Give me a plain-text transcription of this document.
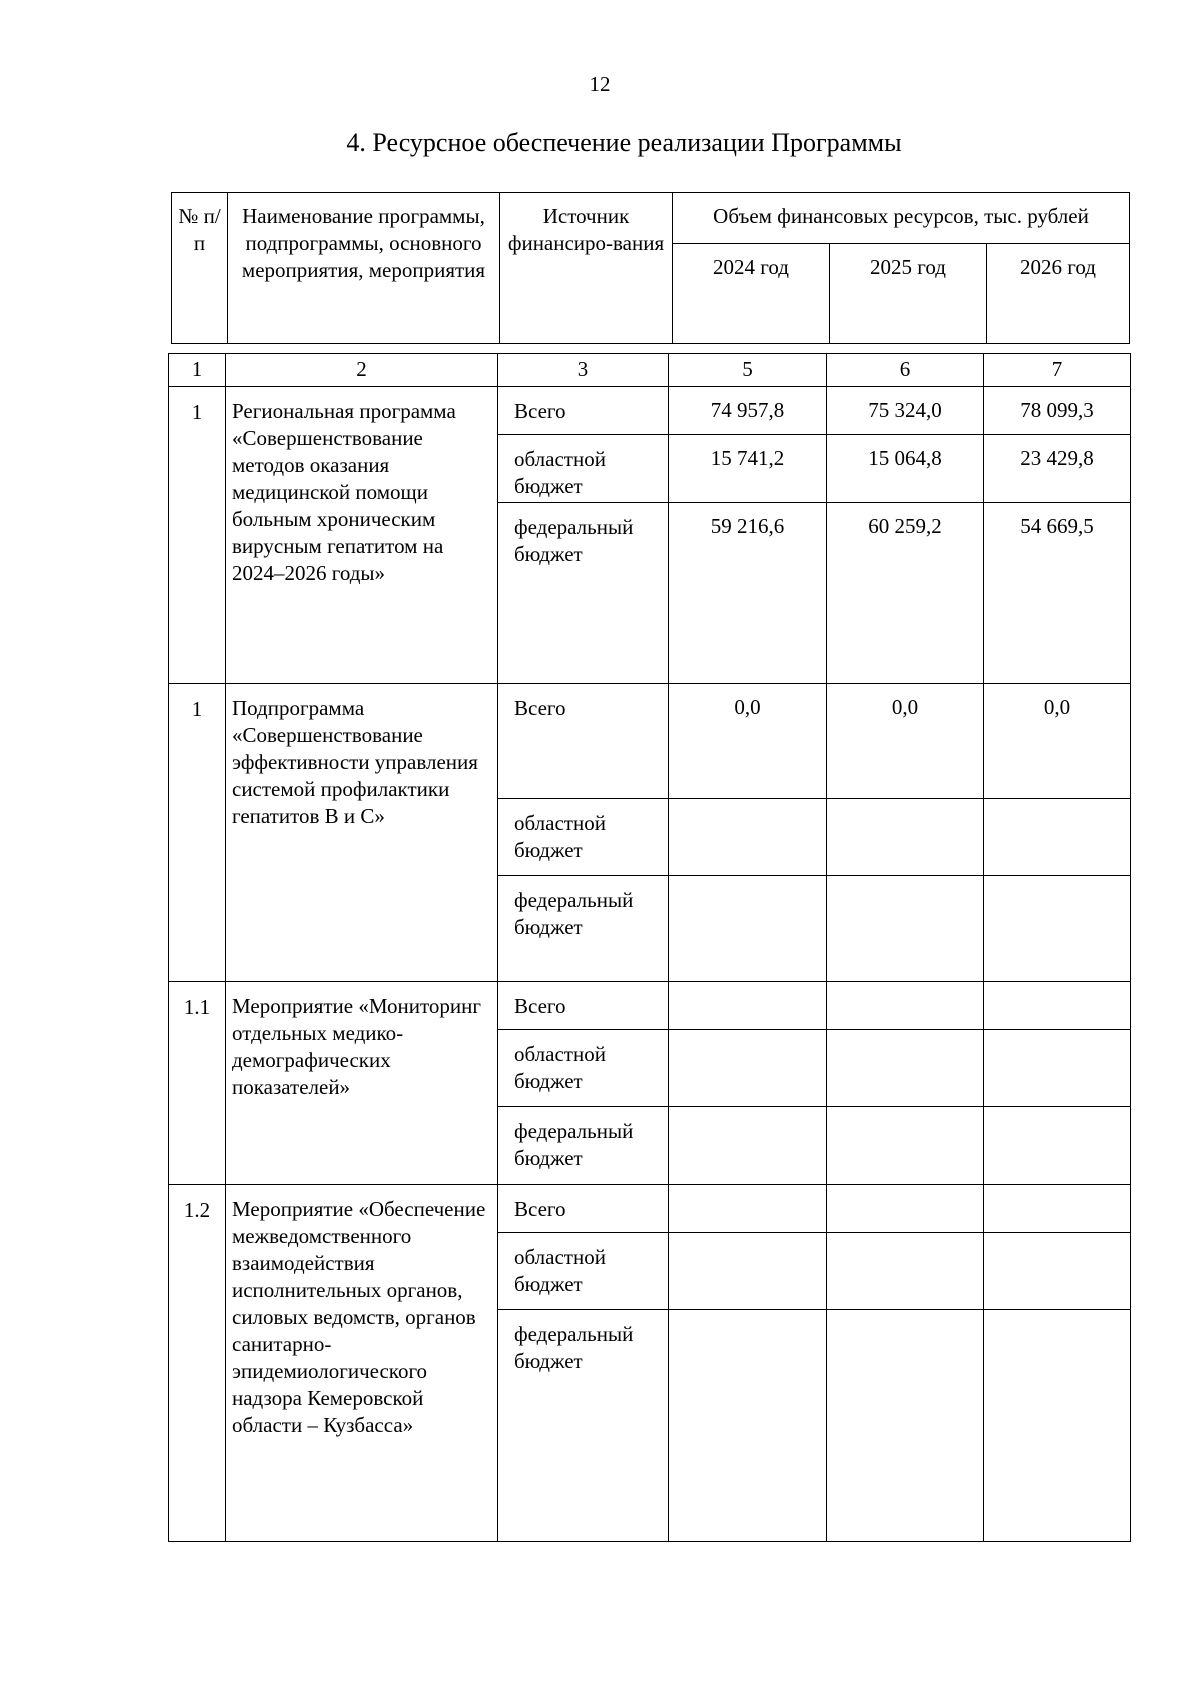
12
4. Ресурсное обеспечение реализации Программы
№ п/п	Наименование программы, подпрограммы, основного мероприятия, мероприятия	Источник финансиро-вания	Объем финансовых ресурсов, тыс. рублей		
			2024 год	2025 год	2026 год
1	2	3	5	6	7
1	Региональная программа «Совершенствование методов оказания медицинской помощи больным хроническим вирусным гепатитом на 2024–2026 годы»	Всего	74 957,8	75 324,0	78 099,3
		областной бюджет	15 741,2	15 064,8	23 429,8
		федеральный бюджет	59 216,6	60 259,2	54 669,5
1	Подпрограмма «Совершенствование эффективности управления системой профилактики гепатитов В и С»	Всего	0,0	0,0	0,0
		областной бюджет			
		федеральный бюджет			
1.1	Мероприятие «Мониторинг отдельных медико-демографических показателей»	Всего			
		областной бюджет			
		федеральный бюджет			
1.2	Мероприятие «Обеспечение межведомственного взаимодействия исполнительных органов, силовых ведомств, органов санитарно-эпидемиологического надзора Кемеровской области – Кузбасса»	Всего			
		областной бюджет			
		федеральный бюджет			
